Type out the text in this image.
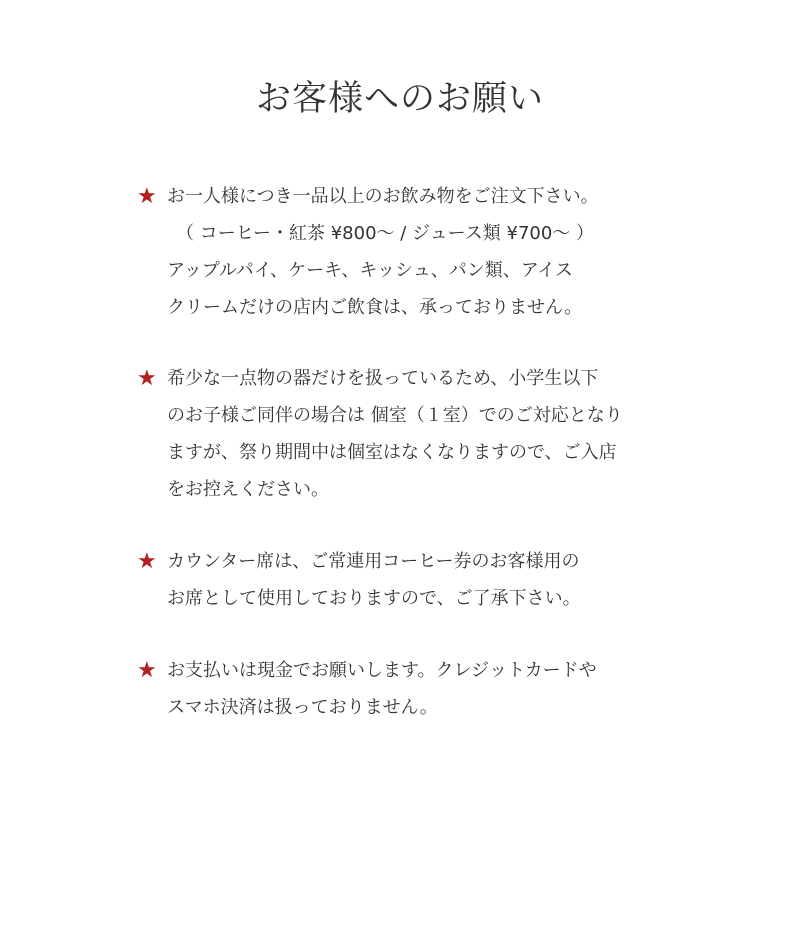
お客様へのお願い
★ お一人様につき一品以上のお飲み物をご注文下さい。
（ コーヒー・紅茶 ¥800〜 / ジュース類 ¥700〜 ）
アップルパイ、ケーキ、キッシュ、パン類、アイス
クリームだけの店内ご飲食は、承っておりません。
★ 希少な一点物の器だけを扱っているため、小学生以下
のお子様ご同伴の場合は 個室（１室）でのご対応となり
ますが、祭り期間中は個室はなくなりますので、ご入店
をお控えください。
★ カウンター席は、ご常連用コーヒー券のお客様用の
お席として使用しておりますので、ご了承下さい。
★ お支払いは現金でお願いします。クレジットカードや
スマホ決済は扱っておりません。
